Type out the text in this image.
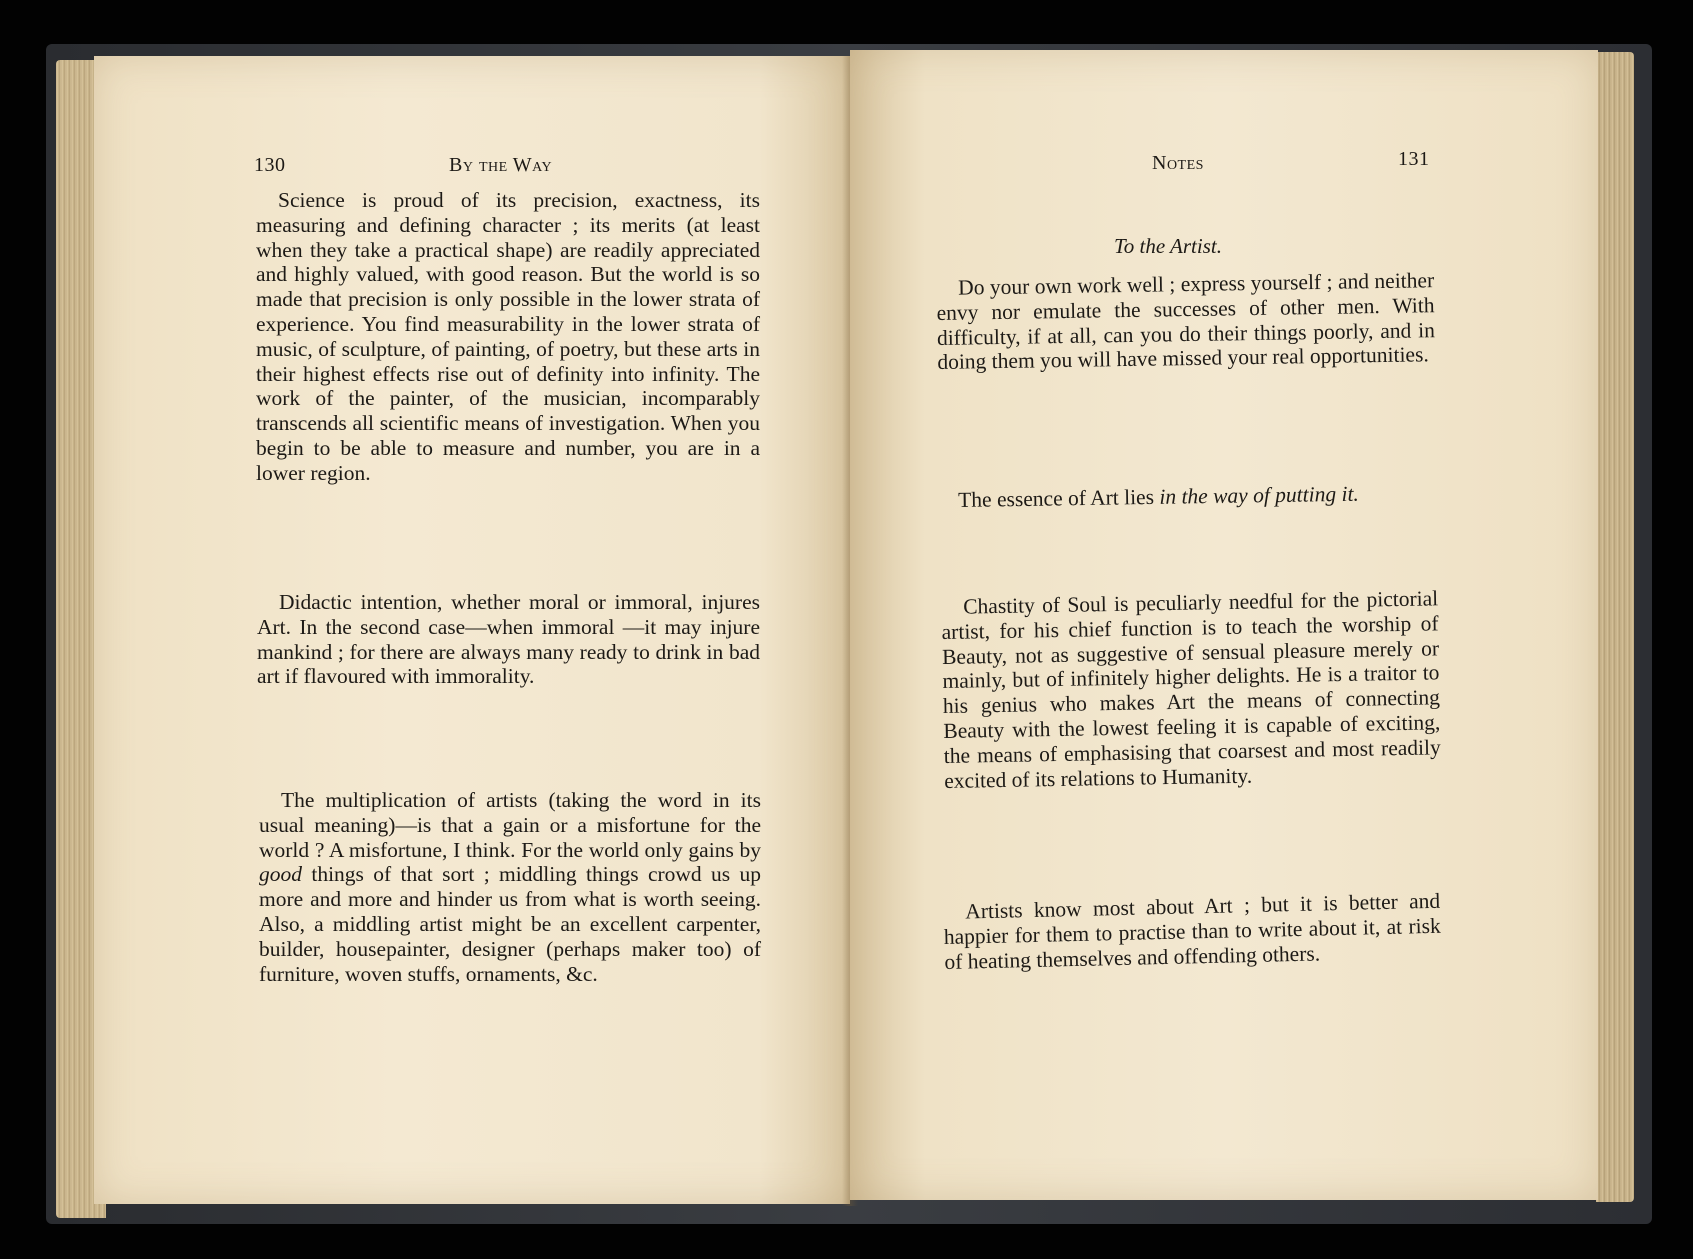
130	By the Way

Science is proud of its precision, exactness, its measuring and defining character ; its merits (at least when they take a practical shape) are readily appreciated and highly valued, with good reason. But the world is so made that precision is only possible in the lower strata of experience. You find measurability in the lower strata of music, of sculpture, of painting, of poetry, but these arts in their highest effects rise out of definity into infinity. The work of the painter, of the musician, incomparably transcends all scientific means of investigation. When you begin to be able to measure and number, you are in a lower region.

Didactic intention, whether moral or immoral, injures Art. In the second case—when immoral —it may injure mankind ; for there are always many ready to drink in bad art if flavoured with immorality.

The multiplication of artists (taking the word in its usual meaning)—is that a gain or a misfortune for the world ? A misfortune, I think. For the world only gains by good things of that sort ; middling things crowd us up more and more and hinder us from what is worth seeing. Also, a middling artist might be an excellent carpenter, builder, housepainter, designer (perhaps maker too) of furniture, woven stuffs, ornaments, &c.

Notes	131
To the Artist.

Do your own work well ; express yourself ; and neither envy nor emulate the successes of other men. With difficulty, if at all, can you do their things poorly, and in doing them you will have missed your real opportunities.

The essence of Art lies in the way of putting it.

Chastity of Soul is peculiarly needful for the pictorial artist, for his chief function is to teach the worship of Beauty, not as suggestive of sensual pleasure merely or mainly, but of infinitely higher delights. He is a traitor to his genius who makes Art the means of connecting Beauty with the lowest feeling it is capable of exciting, the means of emphasising that coarsest and most readily excited of its relations to Humanity.

Artists know most about Art ; but it is better and happier for them to practise than to write about it, at risk of heating themselves and offending others.
